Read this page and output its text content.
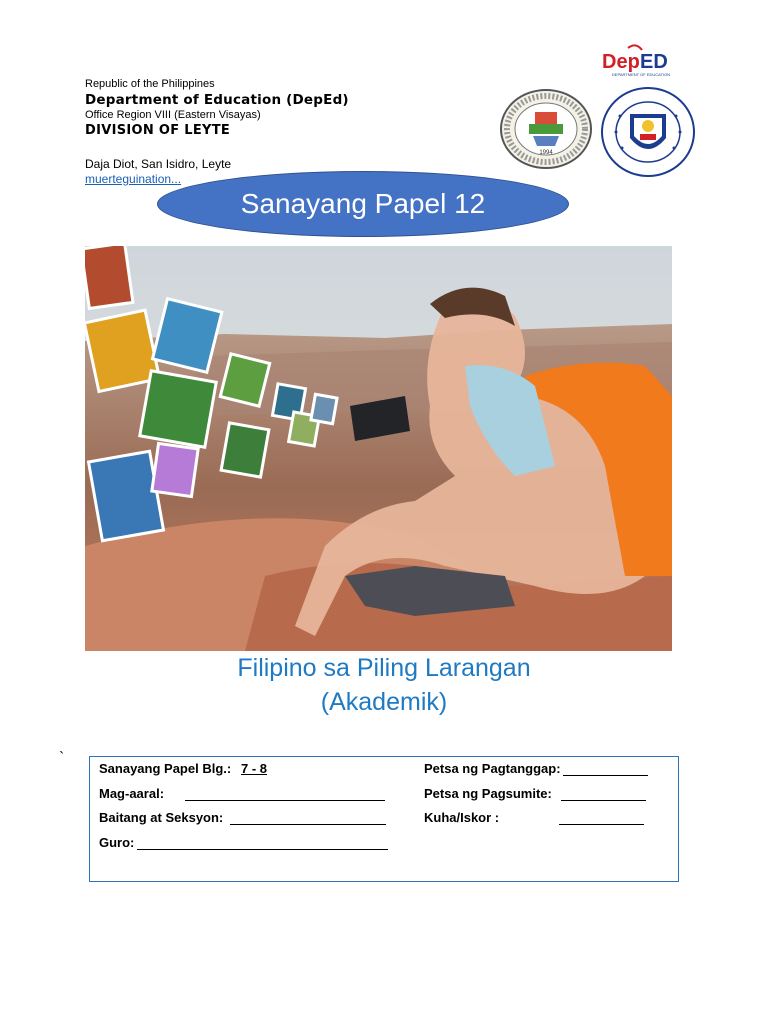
Republic of the Philippines
Department of Education (DepEd)
Office Region VIII (Eastern Visayas)
DIVISION OF LEYTE
Daja Diot, San Isidro, Leyte
muerteguination...
Dep ED
DEPARTMENT OF EDUCATION
1994
Sanayang Papel 12
Filipino sa Piling Larangan
(Akademik)
`
Sanayang Papel Blg.: 7 - 8
Mag-aaral:
Baitang at Seksyon:
Guro:
Petsa ng Pagtanggap:
Petsa ng Pagsumite:
Kuha/Iskor :
